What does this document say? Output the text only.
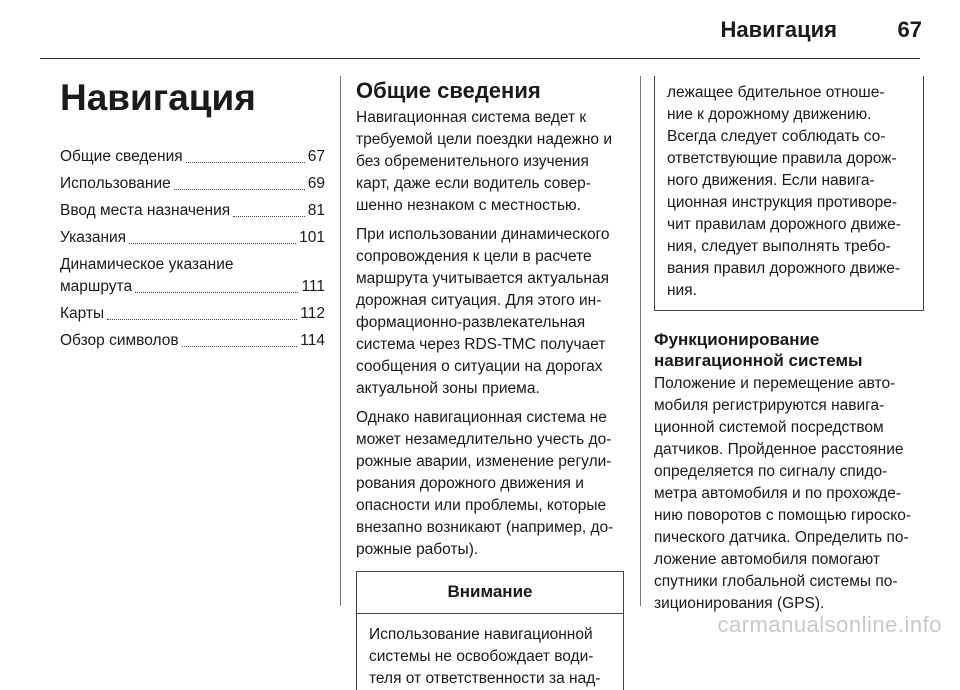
Навигация	67
Навигация
Общие сведения	67
Использование	69
Ввод места назначения	81
Указания	101
Динамическое указание
маршрута	111
Карты	112
Обзор символов	114
Общие сведения

Навигационная система ведет к требуемой цели поездки надежно и без обременительного изучения карт, даже если водитель совер- шенно незнаком с местностью.

При использовании динамического сопровождения к цели в расчете маршрута учитывается актуальная дорожная ситуация. Для этого ин- формационно-развлекательная система через RDS-TMC получает сообщения о ситуации на дорогах актуальной зоны приема.

Однако навигационная система не может незамедлительно учесть до- рожные аварии, изменение регули- рования дорожного движения и опасности или проблемы, которые внезапно возникают (например, до- рожные работы).

Внимание
Использование навигационной системы не освобождает води- теля от ответственности за над-
лежащее бдительное отноше- ние к дорожному движению. Всегда следует соблюдать со- ответствующие правила дорож- ного движения. Если навига- ционная инструкция противоре- чит правилам дорожного движе- ния, следует выполнять требо- вания правил дорожного движе- ния.
Функционирование навигационной системы

Положение и перемещение авто- мобиля регистрируются навига- ционной системой посредством датчиков. Пройденное расстояние определяется по сигналу спидо- метра автомобиля и по прохожде- нию поворотов с помощью гироско- пического датчика. Определить по- ложение автомобиля помогают спутники глобальной системы по- зиционирования (GPS).

carmanualsonline.info
